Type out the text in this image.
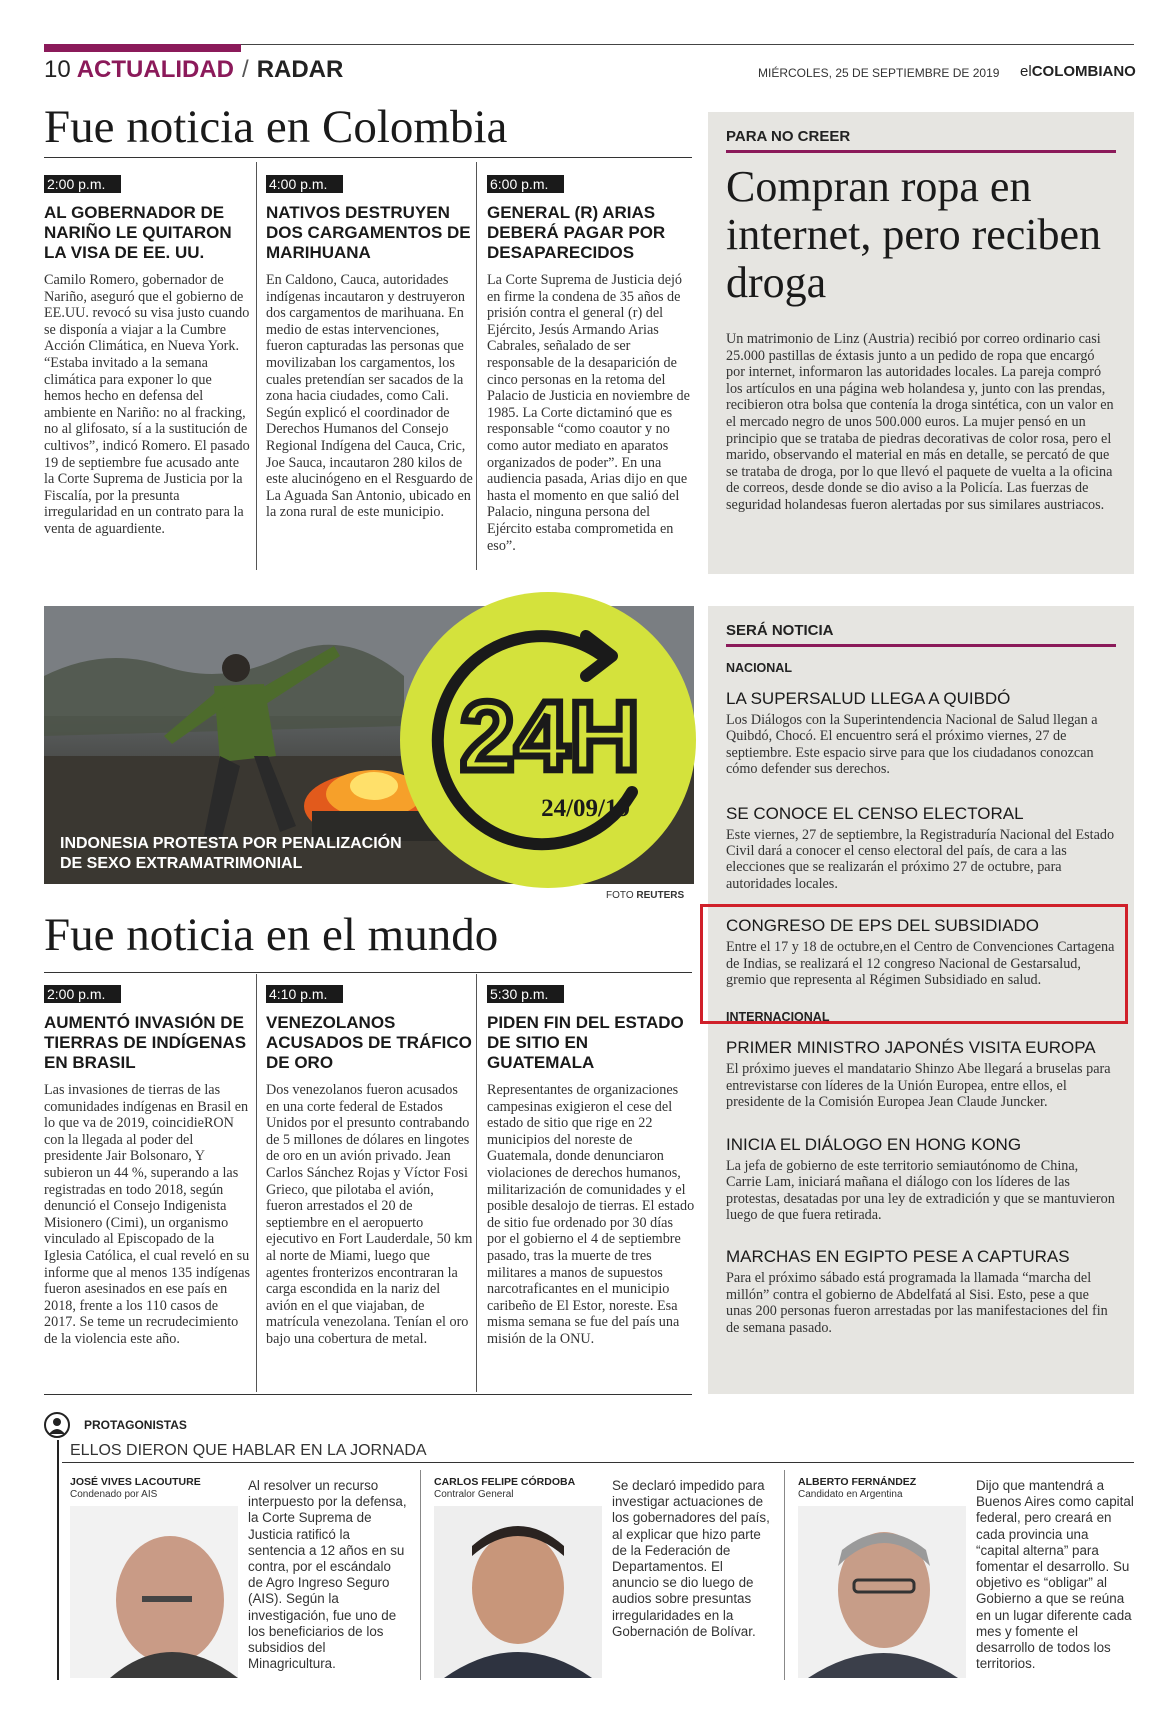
10 ACTUALIDAD / RADAR	MIÉRCOLES, 25 DE SEPTIEMBRE DE 2019 elCOLOMBIANO
Fue noticia en Colombia
2:00 p.m.
AL GOBERNADOR DE NARIÑO LE QUITARON LA VISA DE EE. UU.
Camilo Romero, gobernador de Nariño, aseguró que el gobierno de EE.UU. revocó su visa justo cuando se disponía a viajar a la Cumbre Acción Climática, en Nueva York. “Estaba invitado a la semana climática para exponer lo que hemos hecho en defensa del ambiente en Nariño: no al fracking, no al glifosato, sí a la sustitución de cultivos”, indicó Romero. El pasado 19 de septiembre fue acusado ante la Corte Suprema de Justicia por la Fiscalía, por la presunta irregularidad en un contrato para la venta de aguardiente.
4:00 p.m.
NATIVOS DESTRUYEN DOS CARGAMENTOS DE MARIHUANA
En Caldono, Cauca, autoridades indígenas incautaron y destruyeron dos cargamentos de marihuana. En medio de estas intervenciones, fueron capturadas las personas que movilizaban los cargamentos, los cuales pretendían ser sacados de la zona hacia ciudades, como Cali. Según explicó el coordinador de Derechos Humanos del Consejo Regional Indígena del Cauca, Cric, Joe Sauca, incautaron 280 kilos de este alucinógeno en el Resguardo de La Aguada San Antonio, ubicado en la zona rural de este municipio.
6:00 p.m.
GENERAL (R) ARIAS DEBERÁ PAGAR POR DESAPARECIDOS
La Corte Suprema de Justicia dejó en firme la condena de 35 años de prisión contra el general (r) del Ejército, Jesús Armando Arias Cabrales, señalado de ser responsable de la desaparición de cinco personas en la retoma del Palacio de Justicia en noviembre de 1985. La Corte dictaminó que es responsable “como coautor y no como autor mediato en aparatos organizados de poder”. En una audiencia pasada, Arias dijo en que hasta el momento en que salió del Palacio, ninguna persona del Ejército estaba comprometida en eso”.
PARA NO CREER
Compran ropa en internet, pero reciben droga
Un matrimonio de Linz (Austria) recibió por correo ordinario casi 25.000 pastillas de éxtasis junto a un pedido de ropa que encargó por internet, informaron las autoridades locales. La pareja compró los artículos en una página web holandesa y, junto con las prendas, recibieron otra bolsa que contenía la droga sintética, con un valor en el mercado negro de unos 500.000 euros. La mujer pensó en un principio que se trataba de piedras decorativas de color rosa, pero el marido, observando el material en más en detalle, se percató de que se trataba de droga, por lo que llevó el paquete de vuelta a la oficina de correos, desde donde se dio aviso a la Policía. Las fuerzas de seguridad holandesas fueron alertadas por sus similares austriacos.
INDONESIA PROTESTA POR PENALIZACIÓN
DE SEXO EXTRAMATRIMONIAL
24H
24/09/19
FOTO REUTERS
SERÁ NOTICIA
NACIONAL
LA SUPERSALUD LLEGA A QUIBDÓ
Los Diálogos con la Superintendencia Nacional de Salud llegan a Quibdó, Chocó. El encuentro será el próximo viernes, 27 de septiembre. Este espacio sirve para que los ciudadanos conozcan cómo defender sus derechos.
SE CONOCE EL CENSO ELECTORAL
Este viernes, 27 de septiembre, la Registraduría Nacional del Estado Civil dará a conocer el censo electoral del país, de cara a las elecciones que se realizarán el próximo 27 de octubre, para autoridades locales.
CONGRESO DE EPS DEL SUBSIDIADO
Entre el 17 y 18 de octubre,en el Centro de Convenciones Cartagena de Indias, se realizará el 12 congreso Nacional de Gestarsalud, gremio que representa al Régimen Subsidiado en salud.
INTERNACIONAL
PRIMER MINISTRO JAPONÉS VISITA EUROPA
El próximo jueves el mandatario Shinzo Abe llegará a bruselas para entrevistarse con líderes de la Unión Europea, entre ellos, el presidente de la Comisión Europea Jean Claude Juncker.
INICIA EL DIÁLOGO EN HONG KONG
La jefa de gobierno de este territorio semiautónomo de China, Carrie Lam, iniciará mañana el diálogo con los líderes de las protestas, desatadas por una ley de extradición y que se mantuvieron luego de que fuera retirada.
MARCHAS EN EGIPTO PESE A CAPTURAS
Para el próximo sábado está programada la llamada “marcha del millón” contra el gobierno de Abdelfatá al Sisi. Esto, pese a que unas 200 personas fueron arrestadas por las manifestaciones del fin de semana pasado.
Fue noticia en el mundo
2:00 p.m.
AUMENTÓ INVASIÓN DE TIERRAS DE INDÍGENAS EN BRASIL
Las invasiones de tierras de las comunidades indígenas en Brasil en lo que va de 2019, coincidieRON con la llegada al poder del presidente Jair Bolsonaro, Y subieron un 44 %, superando a las registradas en todo 2018, según denunció el Consejo Indigenista Misionero (Cimi), un organismo vinculado al Episcopado de la Iglesia Católica, el cual reveló en su informe que al menos 135 indígenas fueron asesinados en ese país en 2018, frente a los 110 casos de 2017. Se teme un recrudecimiento de la violencia este año.
4:10 p.m.
VENEZOLANOS ACUSADOS DE TRÁFICO DE ORO
Dos venezolanos fueron acusados en una corte federal de Estados Unidos por el presunto contrabando de 5 millones de dólares en lingotes de oro en un avión privado. Jean Carlos Sánchez Rojas y Víctor Fosi Grieco, que pilotaba el avión, fueron arrestados el 20 de septiembre en el aeropuerto ejecutivo en Fort Lauderdale, 50 km al norte de Miami, luego que agentes fronterizos encontraran la carga escondida en la nariz del avión en el que viajaban, de matrícula venezolana. Tenían el oro bajo una cobertura de metal.
5:30 p.m.
PIDEN FIN DEL ESTADO DE SITIO EN GUATEMALA
Representantes de organizaciones campesinas exigieron el cese del estado de sitio que rige en 22 municipios del noreste de Guatemala, donde denunciaron violaciones de derechos humanos, militarización de comunidades y el posible desalojo de tierras. El estado de sitio fue ordenado por 30 días por el gobierno el 4 de septiembre pasado, tras la muerte de tres militares a manos de supuestos narcotraficantes en el municipio caribeño de El Estor, noreste. Esa misma semana se fue del país una misión de la ONU.
PROTAGONISTAS
ELLOS DIERON QUE HABLAR EN LA JORNADA
JOSÉ VIVES LACOUTURE
Condenado por AIS
Al resolver un recurso interpuesto por la defensa, la Corte Suprema de Justicia ratificó la sentencia a 12 años en su contra, por el escándalo de Agro Ingreso Seguro (AIS). Según la investigación, fue uno de los beneficiarios de los subsidios del Minagricultura.
CARLOS FELIPE CÓRDOBA
Contralor General
Se declaró impedido para investigar actuaciones de los gobernadores del país, al explicar que hizo parte de la Federación de Departamentos. El anuncio se dio luego de audios sobre presuntas irregularidades en la Gobernación de Bolívar.
ALBERTO FERNÁNDEZ
Candidato en Argentina
Dijo que mantendrá a Buenos Aires como capital federal, pero creará en cada provincia una “capital alterna” para fomentar el desarrollo. Su objetivo es “obligar” al Gobierno a que se reúna en un lugar diferente cada mes y fomente el desarrollo de todos los territorios.
